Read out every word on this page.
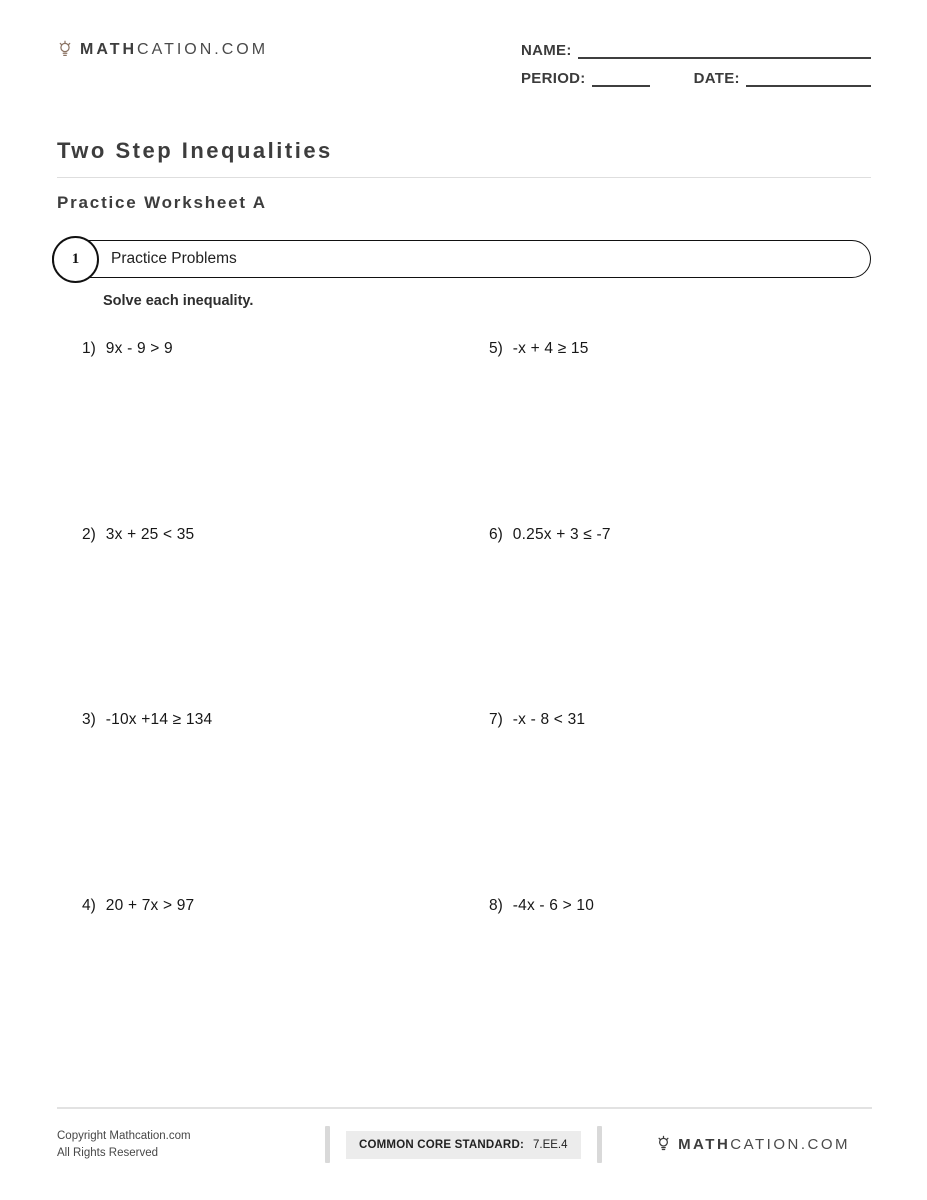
MATH CATION.COM	NAME:
PERIOD:	DATE:
Two Step Inequalities
Practice Worksheet A
1 Practice Problems

Solve each inequality.

1) 9x - 9 > 9
2) 3x + 25 < 35
3) -10x +14 ≥ 134
4) 20 + 7x > 97
5) -x + 4 ≥ 15
6) 0.25x + 3 ≤ -7
7) -x - 8 < 31
8) -4x - 6 > 10
Copyright Mathcation.com
All Rights Reserved
COMMON CORE STANDARD: 7.EE.4	MATH CATION.COM
